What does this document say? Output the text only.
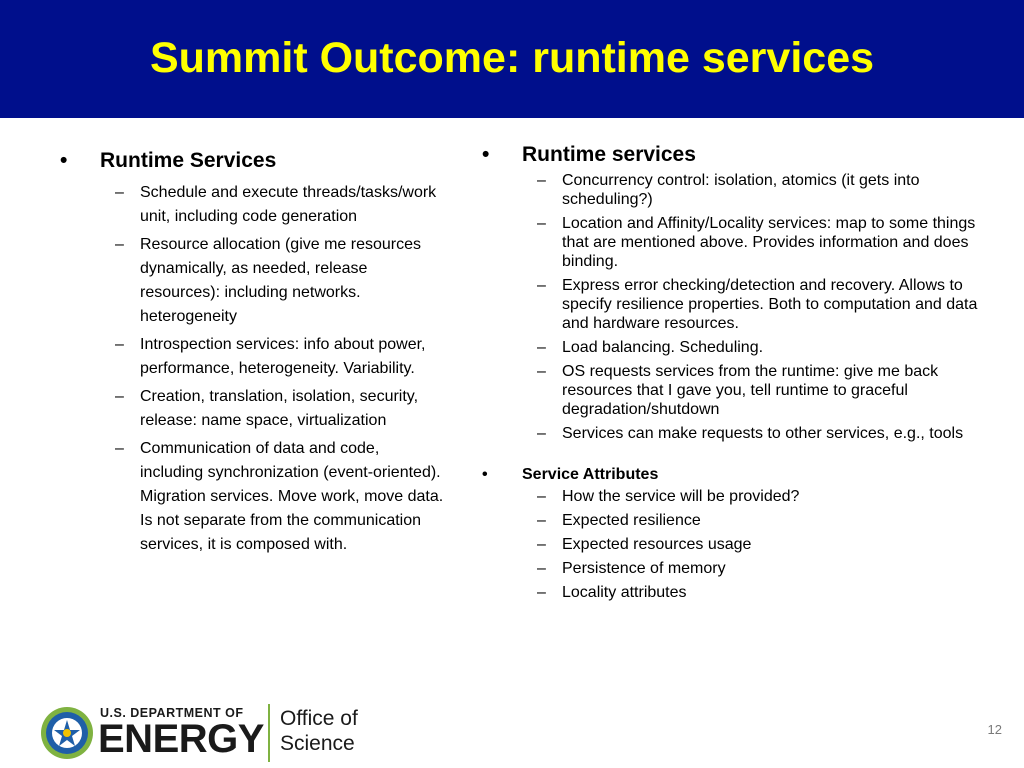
Summit Outcome: runtime services
• Runtime Services
– Schedule and execute threads/tasks/work unit, including code generation
– Resource allocation (give me resources dynamically, as needed, release resources): including networks. heterogeneity
– Introspection services: info about power, performance, heterogeneity. Variability.
– Creation, translation, isolation, security, release: name space, virtualization
– Communication of data and code, including synchronization (event-oriented). Migration services. Move work, move data. Is not separate from the communication services, it is composed with.
• Runtime services
– Concurrency control: isolation, atomics (it gets into scheduling?)
– Location and Affinity/Locality services: map to some things that are mentioned above. Provides information and does binding.
– Express error checking/detection and recovery. Allows to specify resilience properties. Both to computation and data and hardware resources.
– Load balancing. Scheduling.
– OS requests services from the runtime: give me back resources that I gave you, tell runtime to graceful degradation/shutdown
– Services can make requests to other services, e.g., tools
• Service Attributes
– How the service will be provided?
– Expected resilience
– Expected resources usage
– Persistence of memory
– Locality attributes
U.S. DEPARTMENT OF
ENERGY Office of
Science
12
